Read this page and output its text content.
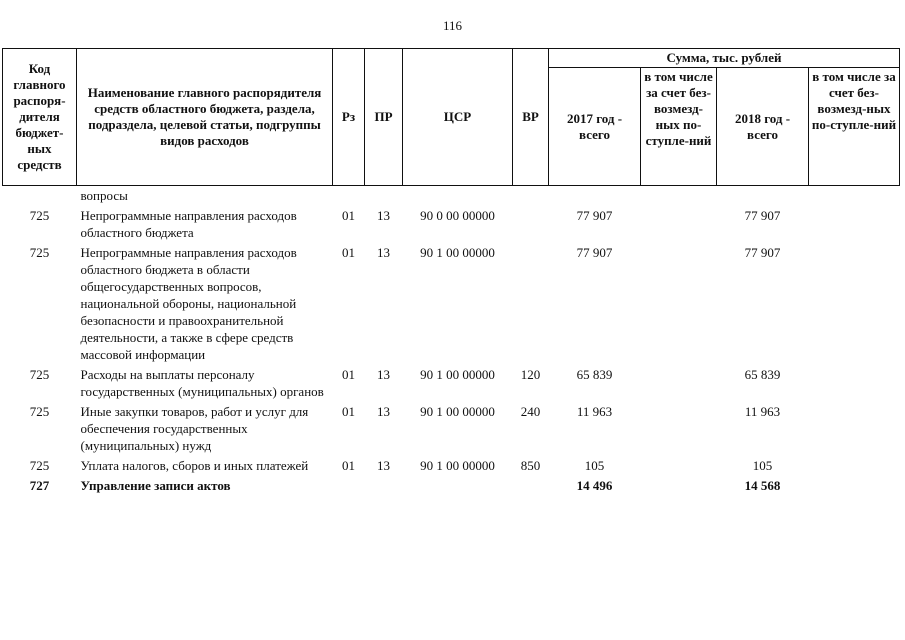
116
Код главного распоря-дителя бюджет-ных средств	Наименование главного распорядителя средств областного бюджета, раздела, подраздела, целевой статьи, подгруппы видов расходов	Рз	ПР	ЦСР	ВР	Сумма, тыс. рублей			
						2017 год - всего	в том числе за счет без-возмезд-ных по-ступле-ний	2018 год - всего	в том числе за счет без-возмезд-ных по-ступле-ний
	вопросы								
725	Непрограммные направления расходов областного бюджета	01	13	90 0 00 00000		77 907		77 907	
725	Непрограммные направления расходов областного бюджета в области общегосударственных вопросов, национальной обороны, национальной безопасности и правоохранительной деятельности, а также в сфере средств массовой информации	01	13	90 1 00 00000		77 907		77 907	
725	Расходы на выплаты персоналу государственных (муниципальных) органов	01	13	90 1 00 00000	120	65 839		65 839	
725	Иные закупки товаров, работ и услуг для обеспечения государственных (муниципальных) нужд	01	13	90 1 00 00000	240	11 963		11 963	
725	Уплата налогов, сборов и иных платежей	01	13	90 1 00 00000	850	105		105	
727	Управление записи актов					14 496		14 568	
